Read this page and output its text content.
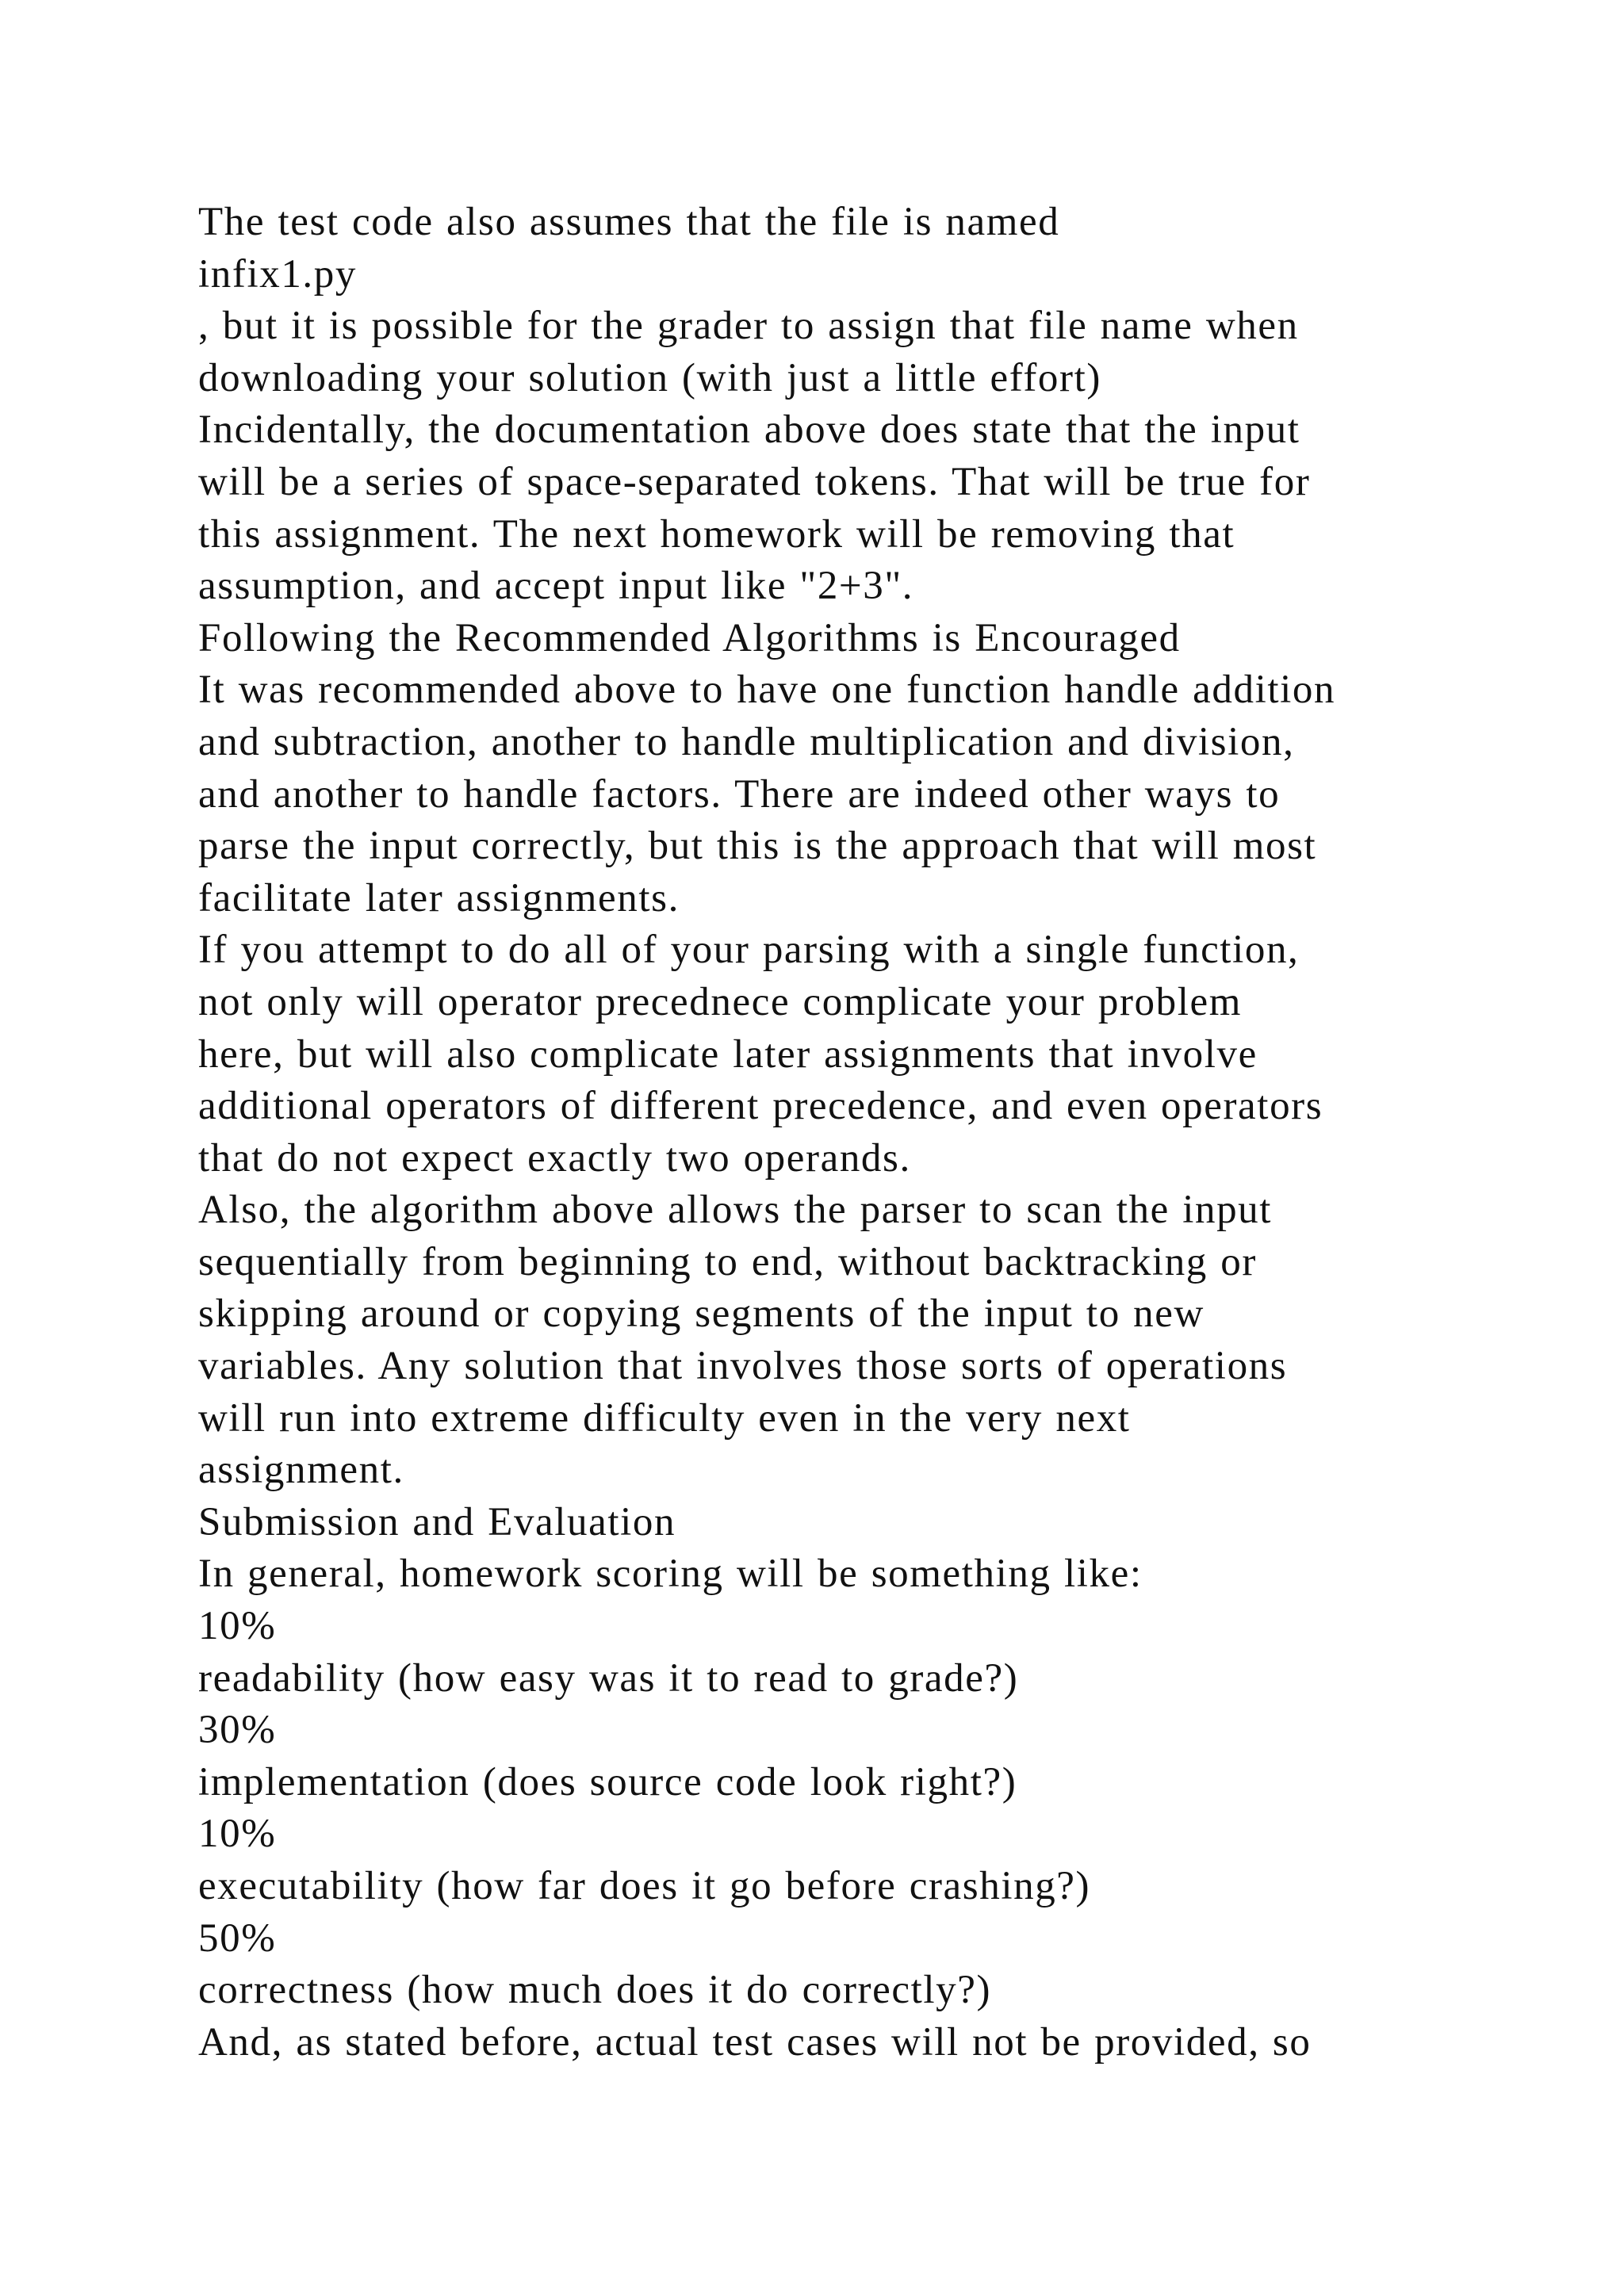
The test code also assumes that the file is named
infix1.py
, but it is possible for the grader to assign that file name when
downloading your solution (with just a little effort)
Incidentally, the documentation above does state that the input
will be a series of space-separated tokens. That will be true for
this assignment. The next homework will be removing that
assumption, and accept input like "2+3".
Following the Recommended Algorithms is Encouraged
It was recommended above to have one function handle addition
and subtraction, another to handle multiplication and division,
and another to handle factors. There are indeed other ways to
parse the input correctly, but this is the approach that will most
facilitate later assignments.
If you attempt to do all of your parsing with a single function,
not only will operator precednece complicate your problem
here, but will also complicate later assignments that involve
additional operators of different precedence, and even operators
that do not expect exactly two operands.
Also, the algorithm above allows the parser to scan the input
sequentially from beginning to end, without backtracking or
skipping around or copying segments of the input to new
variables. Any solution that involves those sorts of operations
will run into extreme difficulty even in the very next
assignment.
Submission and Evaluation
In general, homework scoring will be something like:
10%
readability (how easy was it to read to grade?)
30%
implementation (does source code look right?)
10%
executability (how far does it go before crashing?)
50%
correctness (how much does it do correctly?)
And, as stated before, actual test cases will not be provided, so
